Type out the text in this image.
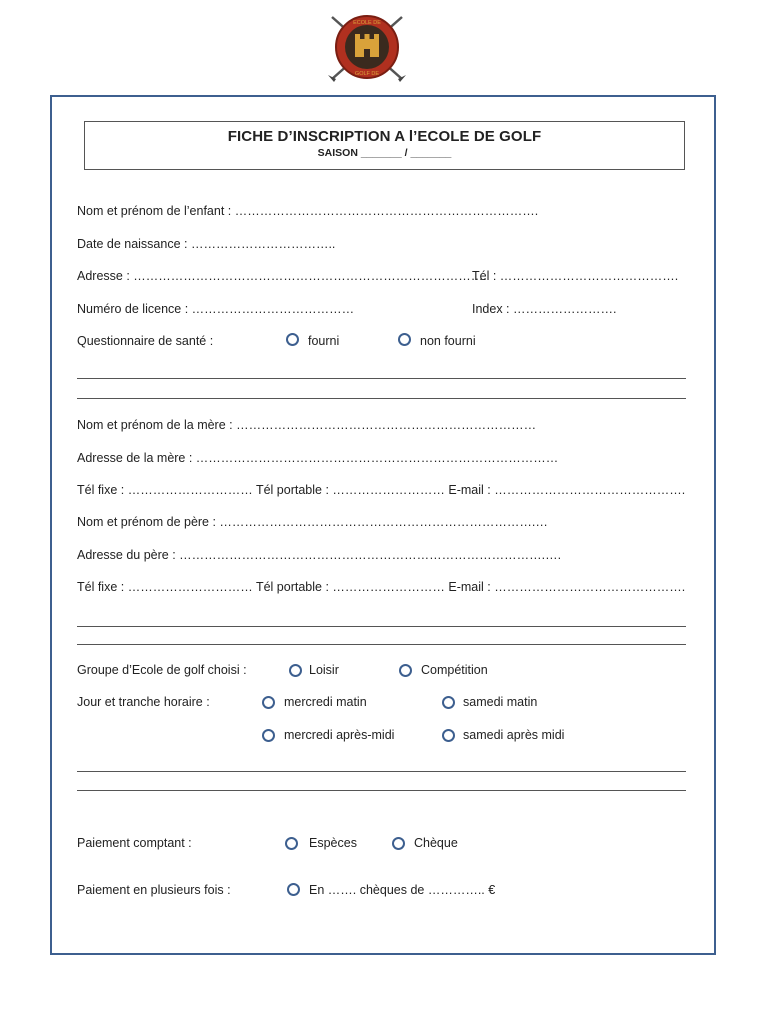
ECOLE DE
GOLF DE
FICHE D’INSCRIPTION A l’ECOLE DE GOLF
SAISON _______ / _______
Nom et prénom de l’enfant : ……………………………………………………………….
Date de naissance : ……………………………..
Adresse : ………………………………………………………………………….
Tél : …………………………………….
Numéro de licence : …………………………………	Index : …………………….
Questionnaire de santé :	fourni	non fourni
Nom et prénom de la mère : ………………………………………………………………
Adresse de la mère : ……………………………………………………………………………
Tél fixe : ………………………… Tél portable : ……………………… E-mail : ……………………………………….
Nom et prénom de père : ………………………………………………………………….…
Adresse du père : …………………………………………………………………………….….
Tél fixe : ………………………… Tél portable : ……………………… E-mail : ……………………………………….
Groupe d’Ecole de golf choisi :	Loisir	Compétition
Jour et tranche horaire :	mercredi matin	samedi matin
mercredi après-midi	samedi après midi
Paiement comptant :	Espèces	Chèque
Paiement en plusieurs fois :	En ……. chèques de ………….. €
